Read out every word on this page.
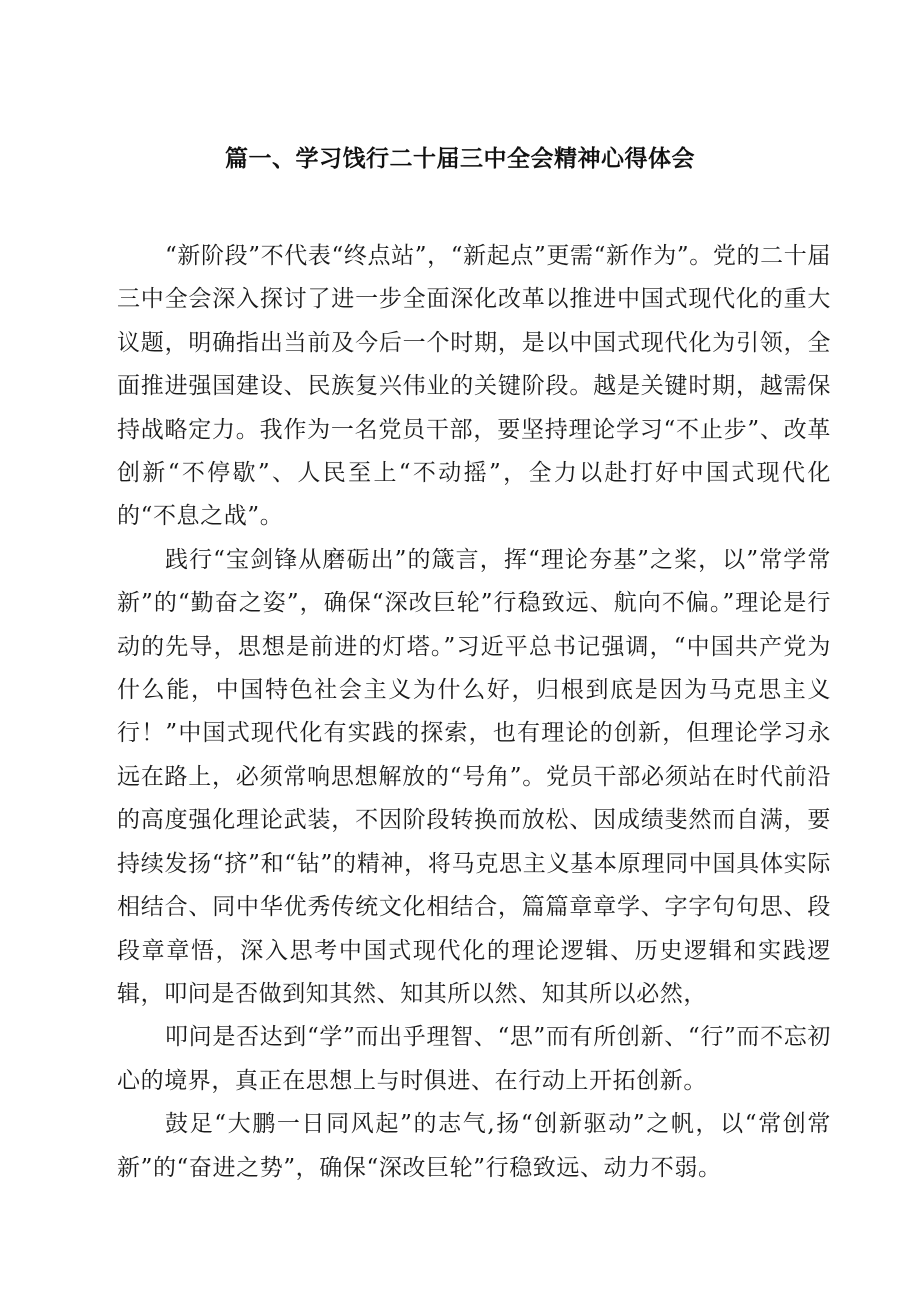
篇一、学习饯行二十届三中全会精神心得体会

“新阶段”不代表“终点站”，“新起点”更需“新作为”。党的二十届三中全会深入探讨了进一步全面深化改革以推进中国式现代化的重大议题，明确指出当前及今后一个时期，是以中国式现代化为引领，全面推进强国建设、民族复兴伟业的关键阶段。越是关键时期，越需保持战略定力。我作为一名党员干部，要坚持理论学习“不止步”、改革创新“不停歇”、人民至上“不动摇”，全力以赴打好中国式现代化的“不息之战”。

践行“宝剑锋从磨砺出”的箴言，挥“理论夯基”之桨，以”常学常新”的“勤奋之姿”，确保“深改巨轮”行稳致远、航向不偏。”理论是行动的先导，思想是前进的灯塔。”习近平总书记强调，“中国共产党为什么能，中国特色社会主义为什么好，归根到底是因为马克思主义行！”中国式现代化有实践的探索，也有理论的创新，但理论学习永远在路上，必须常响思想解放的“号角”。党员干部必须站在时代前沿的高度强化理论武装，不因阶段转换而放松、因成绩斐然而自满，要持续发扬“挤”和“钻”的精神，将马克思主义基本原理同中国具体实际相结合、同中华优秀传统文化相结合，篇篇章章学、字字句句思、段段章章悟，深入思考中国式现代化的理论逻辑、历史逻辑和实践逻辑，叩问是否做到知其然、知其所以然、知其所以必然，

叩问是否达到“学”而出乎理智、“思”而有所创新、“行”而不忘初心的境界，真正在思想上与时俱进、在行动上开拓创新。

鼓足“大鹏一日同风起”的志气,扬“创新驱动”之帆，以“常创常新”的“奋进之势”，确保“深改巨轮”行稳致远、动力不弱。
